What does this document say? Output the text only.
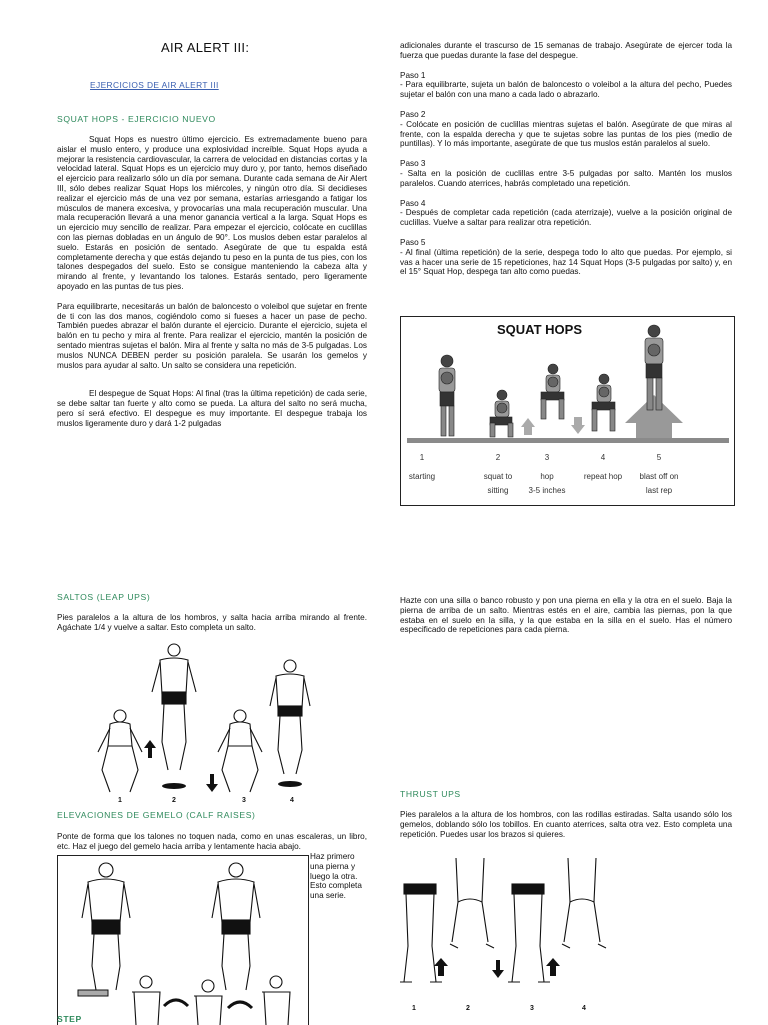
AIR ALERT III:
EJERCICIOS DE AIR ALERT III

SQUAT HOPS - EJERCICIO NUEVO

Squat Hops es nuestro último ejercicio. Es extremadamente bueno para aislar el muslo entero, y produce una explosividad increíble. Squat Hops ayuda a mejorar la resistencia cardiovascular, la carrera de velocidad en distancias cortas y la velocidad lateral. Squat Hops es un ejercicio muy duro y, por tanto, hemos diseñado el ejercicio para realizarlo sólo un día por semana. Durante cada semana de Air Alert III, sólo debes realizar Squat Hops los miércoles, y ningún otro día. Si decidieses realizar el ejercicio más de una vez por semana, estarías arriesgando a fatigar los músculos de manera excesiva, y provocarías una mala recuperación muscular. Una mala recuperación llevará a una menor ganancia vertical a la larga. Squat Hops es un ejercicio muy sencillo de realizar. Para empezar el ejercicio, colócate en cuclillas con las piernas dobladas en un ángulo de 90°. Los muslos deben estar paralelos al suelo. Estarás en posición de sentado. Asegúrate de que tu espalda está completamente derecha y que estás dejando tu peso en la punta de tus pies, con los talones despegados del suelo. Esto se consigue manteniendo la cabeza alta y mirando al frente, y levantando los talones. Estarás sentado, pero ligeramente apoyado en las puntas de tus pies.

Para equilibrarte, necesitarás un balón de baloncesto o voleibol que sujetar en frente de ti con las dos manos, cogiéndolo como si fueses a hacer un pase de pecho. También puedes abrazar el balón durante el ejercicio. Durante el ejercicio, sujeta el balón en tu pecho y mira al frente. Para realizar el ejercicio, mantén la posición de sentado mientras sujetas el balón. Mira al frente y salta no más de 3-5 pulgadas. Los muslos NUNCA DEBEN perder su posición paralela. Se usarán los gemelos y muslos para ayudar al salto. Un salto se considera una repetición.

El despegue de Squat Hops: Al final (tras la última repetición) de cada serie, se debe saltar tan fuerte y alto como se pueda. La altura del salto no será mucha, pero sí será efectivo. El despegue es muy importante. El despegue trabaja los muslos ligeramente duro y dará 1-2 pulgadas

adicionales durante el trascurso de 15 semanas de trabajo. Asegúrate de ejercer toda la fuerza que puedas durante la fase del despegue.

Paso 1

- Para equilibrarte, sujeta un balón de baloncesto o voleibol a la altura del pecho, Puedes sujetar el balón con una mano a cada lado o abrazarlo.

Paso 2

- Colócate en posición de cuclillas mientras sujetas el balón. Asegúrate de que miras al frente, con la espalda derecha y que te sujetas sobre las puntas de los pies (medio de puntillas). Y lo más importante, asegúrate de que tus muslos están paralelos al suelo.

Paso 3

- Salta en la posición de cuclillas entre 3-5 pulgadas por salto. Mantén los muslos paralelos. Cuando aterrices, habrás completado una repetición.

Paso 4

- Después de completar cada repetición (cada aterrizaje), vuelve a la posición original de cuclillas. Vuelve a saltar para realizar otra repetición.

Paso 5

- Al final (última repetición) de la serie, despega todo lo alto que puedas. Por ejemplo, si vas a hacer una serie de 15 repeticiones, haz 14 Squat Hops (3-5 pulgadas por salto) y, en el 15° Squat Hop, despega tan alto como puedas.

SQUAT HOPS
1
starting
2
squat to
sitting
3
hop
3-5 inches
4
repeat hop
5
blast off on
last rep

SALTOS (LEAP UPS)

Pies paralelos a la altura de los hombros, y salta hacia arriba mirando al frente. Agáchate 1/4 y vuelve a saltar. Esto completa un salto.

Hazte con una silla o banco robusto y pon una pierna en ella y la otra en el suelo. Baja la pierna de arriba de un salto. Mientras estés en el aire, cambia las piernas, pon la que estaba en el suelo en la silla, y la que estaba en la silla en el suelo. Has el número especificado de repeticiones para cada pierna.

1	2	3	4

ELEVACIONES DE GEMELO (CALF RAISES)

Ponte de forma que los talones no toquen nada, como en unas escaleras, un libro, etc. Haz el juego del gemelo hacia arriba y lentamente hacia abajo.

Haz primero una pierna y luego la otra. Esto completa una serie.

THRUST UPS

Pies paralelos a la altura de los hombros, con las rodillas estiradas. Salta usando sólo los gemelos, doblando sólo los tobillos. En cuanto aterrices, salta otra vez. Esto completa una repetición. Puedes usar los brazos si quieres.

1	2	3	4
STEP
